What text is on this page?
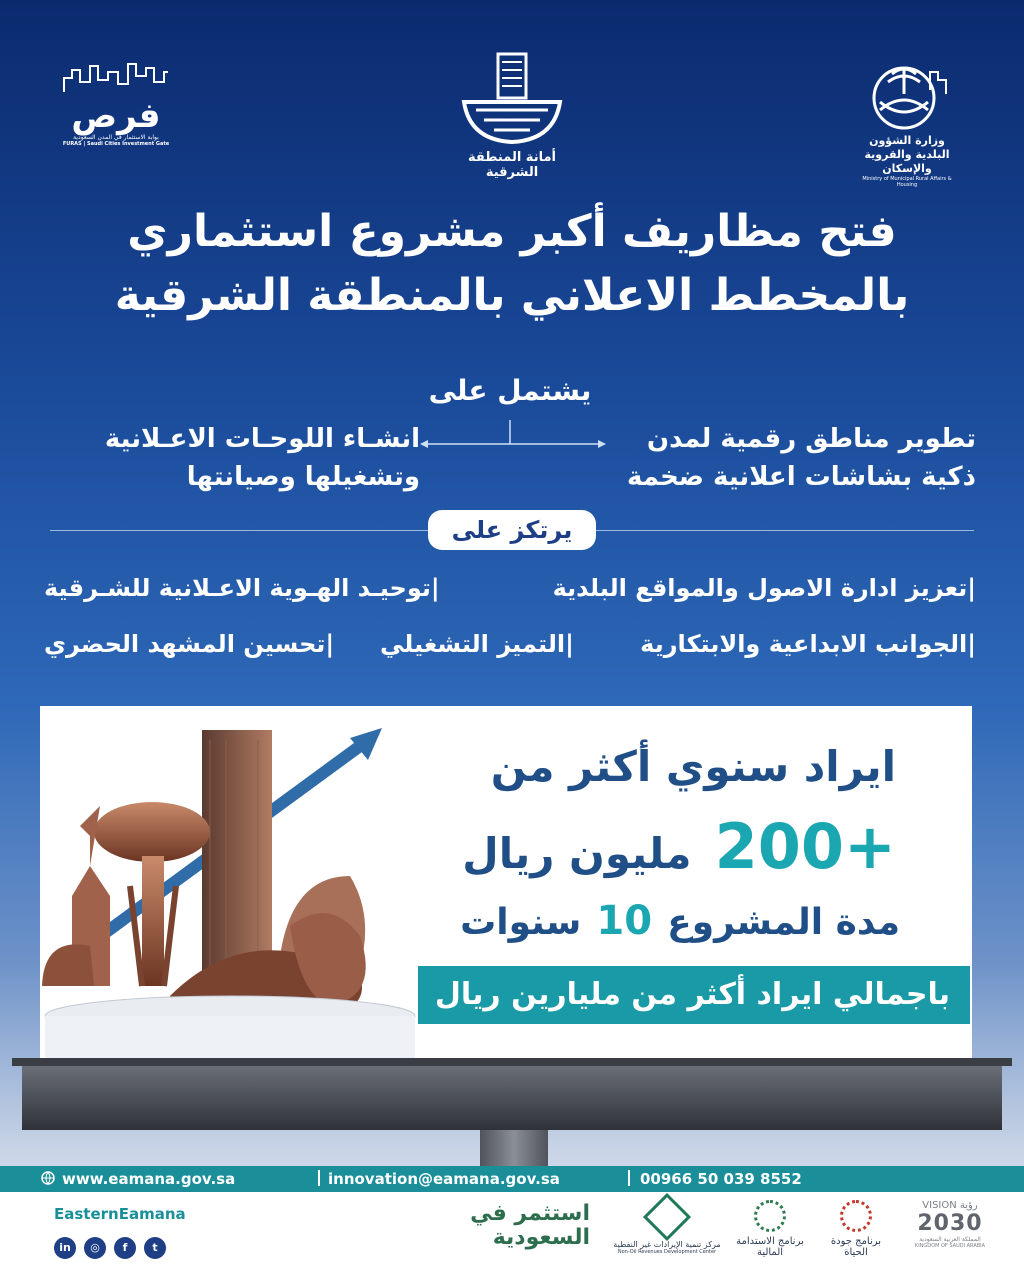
وزارة الشؤون البلدية والقروية والإسكان
Ministry of Municipal Rural Affairs & Housing
أمانة المنطقة الشرقية
فرص
بوابة الاستثمار في المدن السعودية
FURAS | Saudi Cities Investment Gate
فتح مظاريف أكبر مشروع استثماري
بالمخطط الاعلاني بالمنطقة الشرقية
يشتمل على
تطوير مناطق رقمية لمدن
ذكية بشاشات اعلانية ضخمة
انشـاء اللوحـات الاعـلانية
وتشغيلها وصيانتها
يرتكز على
|تعزيز ادارة الاصول والمواقع البلدية
|توحيـد الهـوية الاعـلانية للشـرقية
|الجوانب الابداعية والابتكارية
|التميز التشغيلي
|تحسين المشهد الحضري
ايراد سنوي أكثر من
+200 مليون ريال
مدة المشروع 10 سنوات
باجمالي ايراد أكثر من مليارين ريال
www.eamana.gov.sa	innovation@eamana.gov.sa	00966 50 039 8552
EasternEamana
in	◎	f	t
استثمر في
السعودية	مركز تنمية الإيرادات غير النفطية
Non-Oil Revenues Development Center
برنامج الاستدامة
المالية
برنامج جودة
الحياة
VISION رؤية
2030
المملكة العربية السعودية
KINGDOM OF SAUDI ARABIA
